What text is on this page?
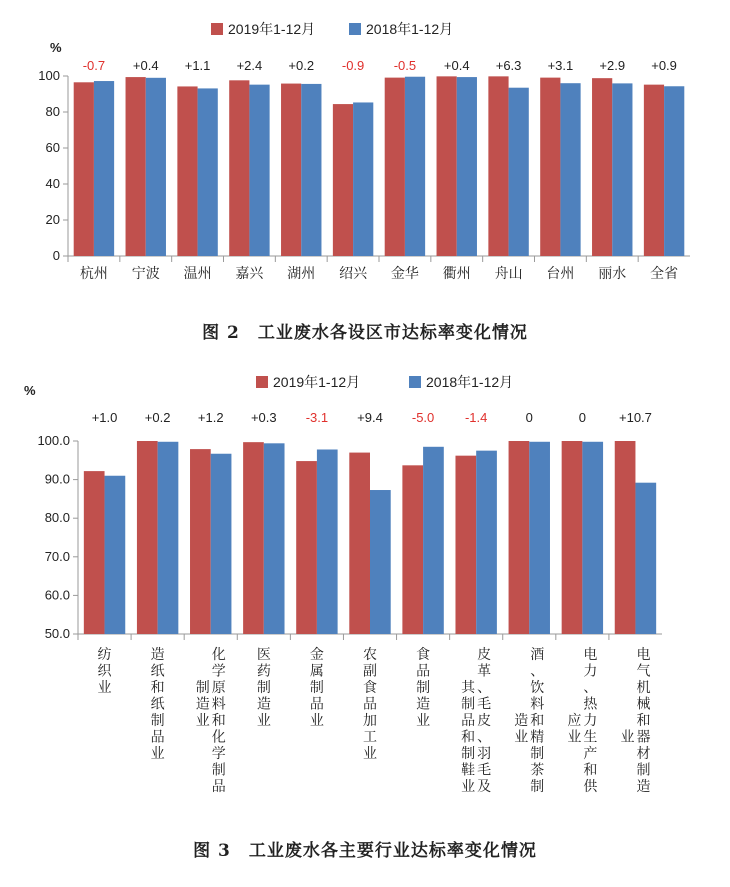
2019年1-12月	2018年1-12月
%
0
20
40
60
80
100
-0.7
杭州
+0.4
宁波
+1.1
温州
+2.4
嘉兴
+0.2
湖州
-0.9
绍兴
-0.5
金华
+0.4
衢州
+6.3
舟山
+3.1
台州
+2.9
丽水
+0.9
全省
2019年1-12月	2018年1-12月
%
50.0
60.0
70.0
80.0
90.0
100.0
+1.0
纺织业
+0.2
造纸和纸制品业
+1.2
化学原料和化学制品
制造业
+0.3
医药制造业
-3.1
金属制品业
+9.4
农副食品加工业
-5.0
食品制造业
-1.4
皮革、毛皮、羽毛及
其制品和制鞋业
0
酒、饮料和精制茶制
造业
0
电力、热力生产和供
应业
+10.7
电气机械和器材制造
业
图 2　工业废水各设区市达标率变化情况
图 3　工业废水各主要行业达标率变化情况
